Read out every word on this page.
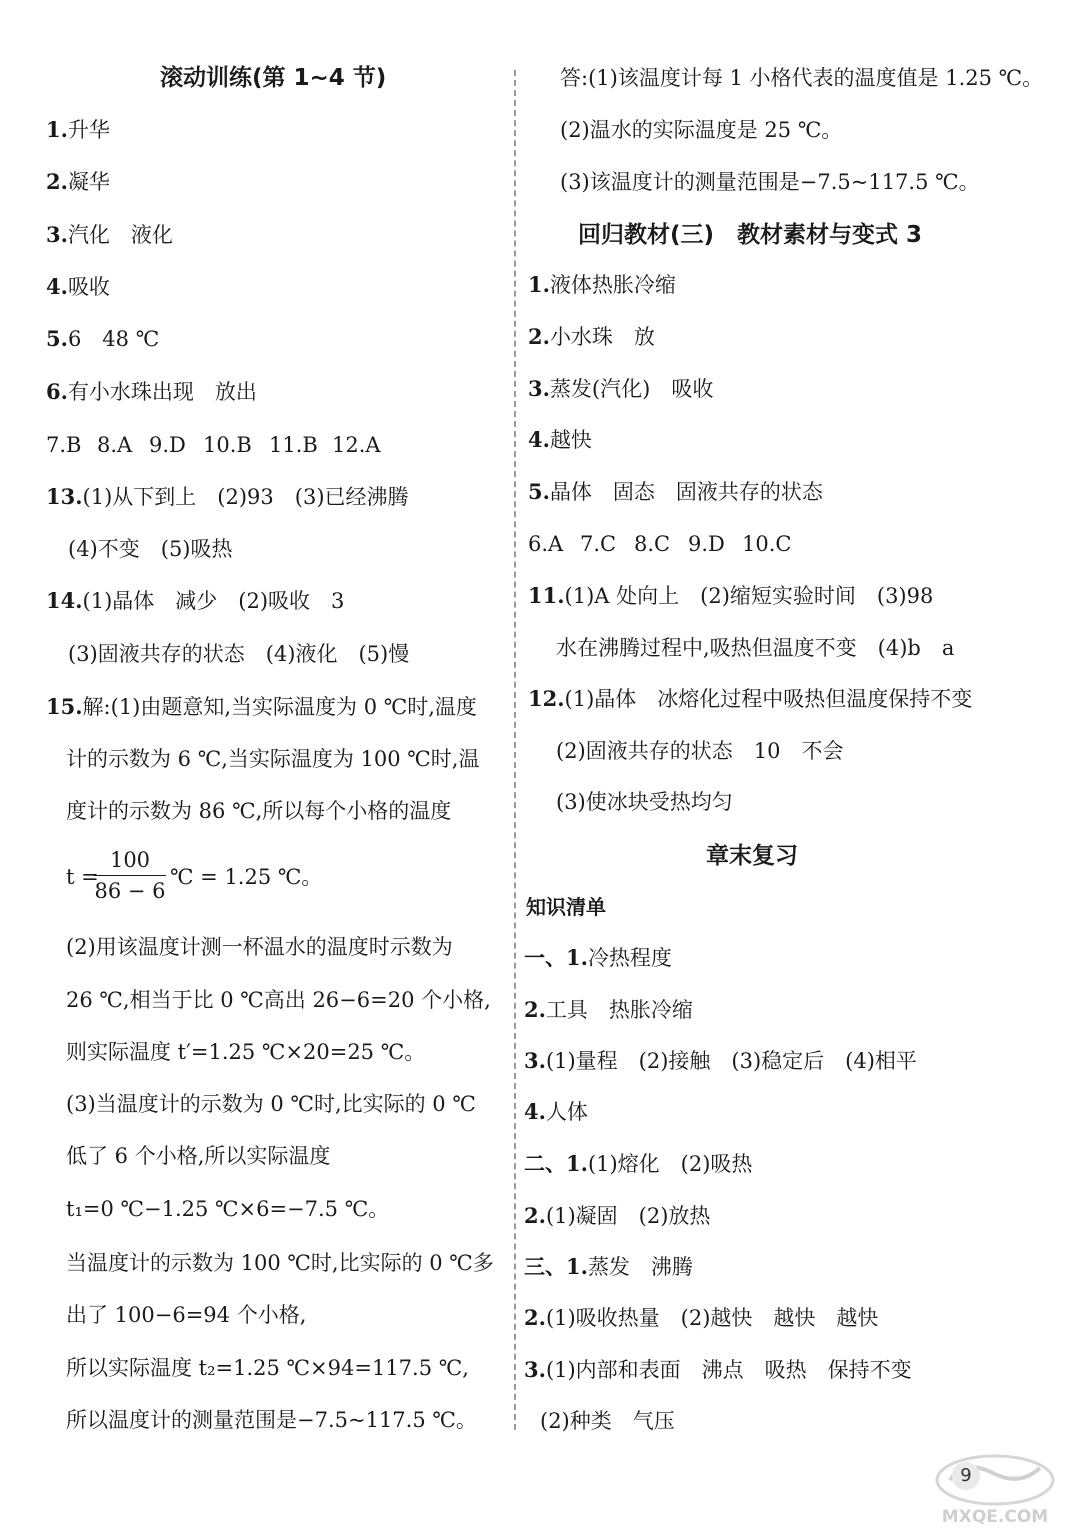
滚动训练(第 1~4 节)
1.升华
2.凝华
3.汽化　液化
4.吸收
5.6　48 ℃
6.有小水珠出现　放出
7.B 8.A 9.D 10.B 11.B 12.A
13.(1)从下到上　(2)93　(3)已经沸腾
(4)不变　(5)吸热
14.(1)晶体　减少　(2)吸收　3
(3)固液共存的状态　(4)液化　(5)慢
15.解:(1)由题意知,当实际温度为 0 ℃时,温度
计的示数为 6 ℃,当实际温度为 100 ℃时,温
度计的示数为 86 ℃,所以每个小格的温度
t =
100
86 − 6
℃ = 1.25 ℃。
(2)用该温度计测一杯温水的温度时示数为
26 ℃,相当于比 0 ℃高出 26−6=20 个小格,
则实际温度 t′=1.25 ℃×20=25 ℃。
(3)当温度计的示数为 0 ℃时,比实际的 0 ℃
低了 6 个小格,所以实际温度
t₁=0 ℃−1.25 ℃×6=−7.5 ℃。
当温度计的示数为 100 ℃时,比实际的 0 ℃多
出了 100−6=94 个小格,
所以实际温度 t₂=1.25 ℃×94=117.5 ℃,
所以温度计的测量范围是−7.5~117.5 ℃。
答:(1)该温度计每 1 小格代表的温度值是 1.25 ℃。
(2)温水的实际温度是 25 ℃。
(3)该温度计的测量范围是−7.5~117.5 ℃。
回归教材(三)　教材素材与变式 3
1.液体热胀冷缩
2.小水珠　放
3.蒸发(汽化)　吸收
4.越快
5.晶体　固态　固液共存的状态
6.A 7.C 8.C 9.D 10.C
11.(1)A 处向上　(2)缩短实验时间　(3)98
水在沸腾过程中,吸热但温度不变　(4)b　a
12.(1)晶体　冰熔化过程中吸热但温度保持不变
(2)固液共存的状态　10　不会
(3)使冰块受热均匀
章末复习
知识清单
一、1.冷热程度
2.工具　热胀冷缩
3.(1)量程　(2)接触　(3)稳定后　(4)相平
4.人体
二、1.(1)熔化　(2)吸热
2.(1)凝固　(2)放热
三、1.蒸发　沸腾
2.(1)吸收热量　(2)越快　越快　越快
3.(1)内部和表面　沸点　吸热　保持不变
(2)种类　气压
MXQE.COM
9
